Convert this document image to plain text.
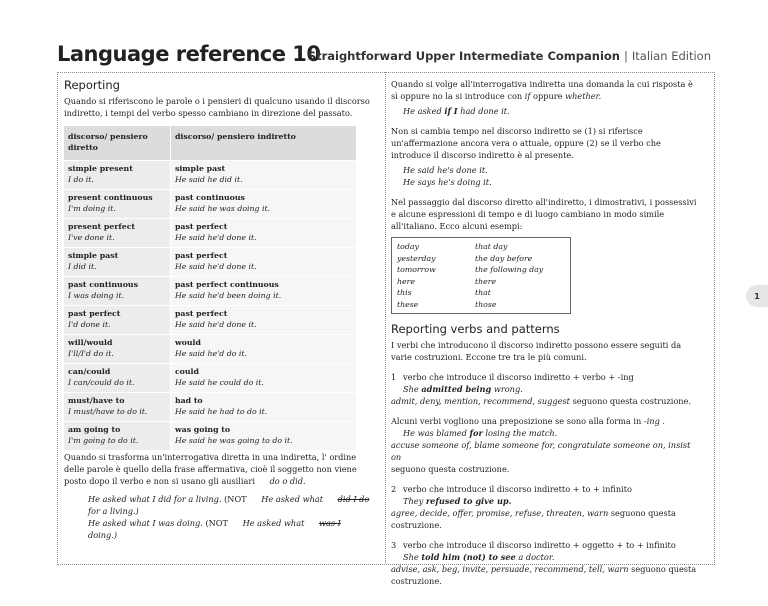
Language reference 10
Straightforward Upper Intermediate Companion | Italian Edition
1
Reporting

Quando si riferiscono le parole o i pensieri di qualcuno usando il discorso indiretto, i tempi del verbo spesso cambiano in direzione del passato.

discorso/ pensiero diretto
discorso/ pensiero indiretto
simple present
I do it.
simple past
He said he did it.
present continuous
I'm doing it.
past continuous
He said he was doing it.
present perfect
I've done it.
past perfect
He said he'd done it.
simple past
I did it.
past perfect
He said he'd done it.
past continuous
I was doing it.
past perfect continuous
He said he'd been doing it.
past perfect
I'd done it.
past perfect
He said he'd done it.
will/would
I'll/I'd do it.
would
He said he'd do it.
can/could
I can/could do it.
could
He said he could do it.
must/have to
I must/have to do it.
had to
He said he had to do it.
am going to
I'm going to do it.
was going to
He said he was going to do it.

Quando si trasforma un'interrogativa diretta in una indiretta, l' ordine delle parole è quello della frase affermativa, cioè il soggetto non viene posto dopo il verbo e non si usano gli ausiliari do o did.

He asked what I did for a living. (NOT He asked what did I do for a living.)

He asked what I was doing. (NOT He asked what was I doing.)

Quando si volge all'interrogativa indiretta una domanda la cui risposta è sì oppure no la si introduce con if oppure whether.

He asked if I had done it.

Non si cambia tempo nel discorso indiretto se (1) si riferisce un'affermazione ancora vera o attuale, oppure (2) se il verbo che introduce il discorso indiretto è al presente.

He said he's done it.

He says he's doing it.

Nel passaggio dal discorso diretto all'indiretto, i dimostrativi, i possessivi e alcune espressioni di tempo e di luogo cambiano in modo simile all'italiano. Ecco alcuni esempi:

today
yesterday
tomorrow
here
this
these
that day
the day before
the following day
there
that
those
Reporting verbs and patterns

I verbi che introducono il discorso indiretto possono essere seguiti da varie costruzioni. Eccone tre tra le più comuni.

1 verbo che introduce il discorso indiretto + verbo + -ing
She admitted being wrong.
admit, deny, mention, recommend, suggest seguono questa costruzione.
Alcuni verbi vogliono una preposizione se sono alla forma in -ing .
He was blamed for losing the match.
accuse someone of, blame someone for, congratulate someone on, insist on
seguono questa costruzione.
2 verbo che introduce il discorso indiretto + to + infinito
They refused to give up.
agree, decide, offer, promise, refuse, threaten, warn seguono questa costruzione.
3 verbo che introduce il discorso indiretto + oggetto + to + infinito
She told him (not) to see a doctor.
advise, ask, beg, invite, persuade, recommend, tell, warn seguono questa costruzione.
